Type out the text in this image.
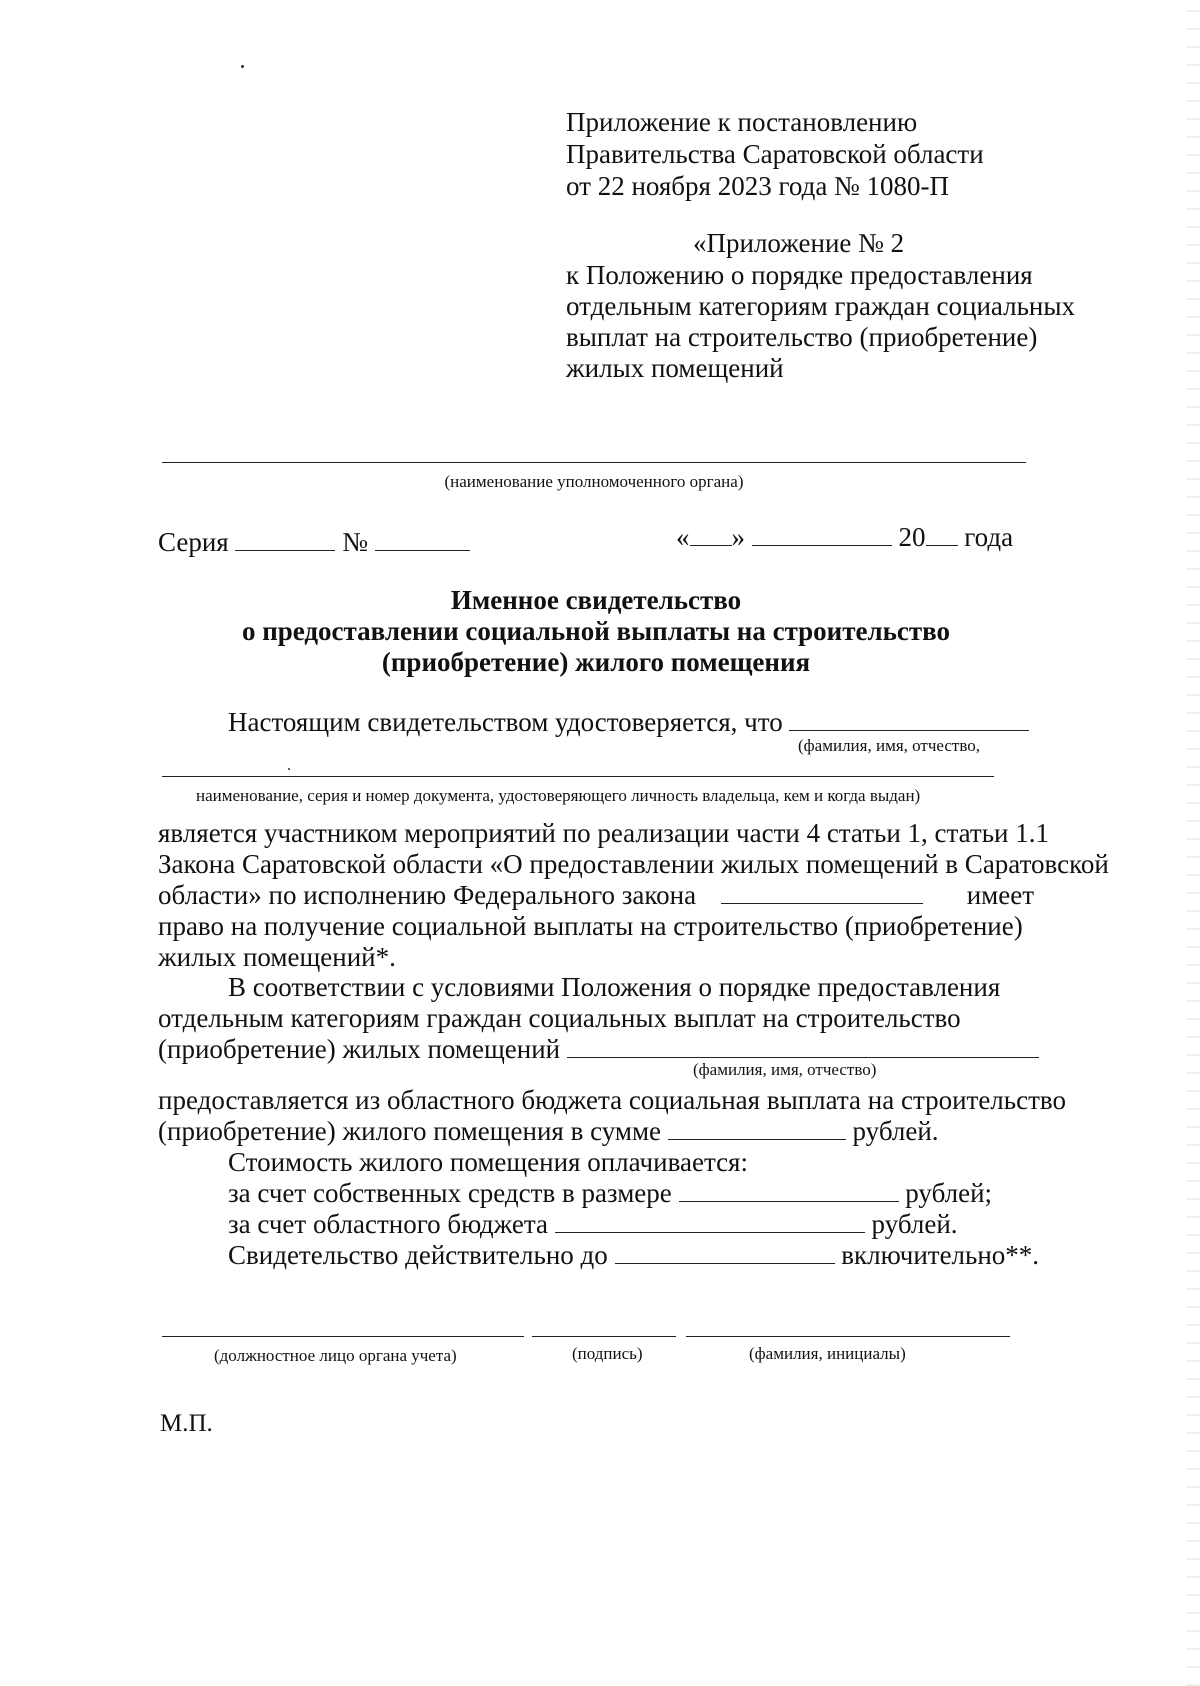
Приложение к постановлению
Правительства Саратовской области
от 22 ноября 2023 года № 1080-П
«Приложение № 2
к Положению о порядке предоставления
отдельным категориям граждан социальных
выплат на строительство (приобретение)
жилых помещений
(наименование уполномоченного органа)
Серия	№	« »	20 года
Именное свидетельство
о предоставлении социальной выплаты на строительство
(приобретение) жилого помещения
Настоящим свидетельством удостоверяется, что
(фамилия, имя, отчество,
наименование, серия и номер документа, удостоверяющего личность владельца, кем и когда выдан)
является участником мероприятий по реализации части 4 статьи 1, статьи 1.1
Закона Саратовской области «О предоставлении жилых помещений в Саратовской
области» по исполнению Федерального закона	имеет
право на получение социальной выплаты на строительство (приобретение)
жилых помещений*.
В соответствии с условиями Положения о порядке предоставления
отдельным категориям граждан социальных выплат на строительство
(приобретение) жилых помещений
(фамилия, имя, отчество)
предоставляется из областного бюджета социальная выплата на строительство
(приобретение) жилого помещения в сумме	рублей.
Стоимость жилого помещения оплачивается:
за счет собственных средств в размере	рублей;
за счет областного бюджета	рублей.
Свидетельство действительно до	включительно**.
(должностное лицо органа учета)	(подпись)	(фамилия, инициалы)
М.П.
